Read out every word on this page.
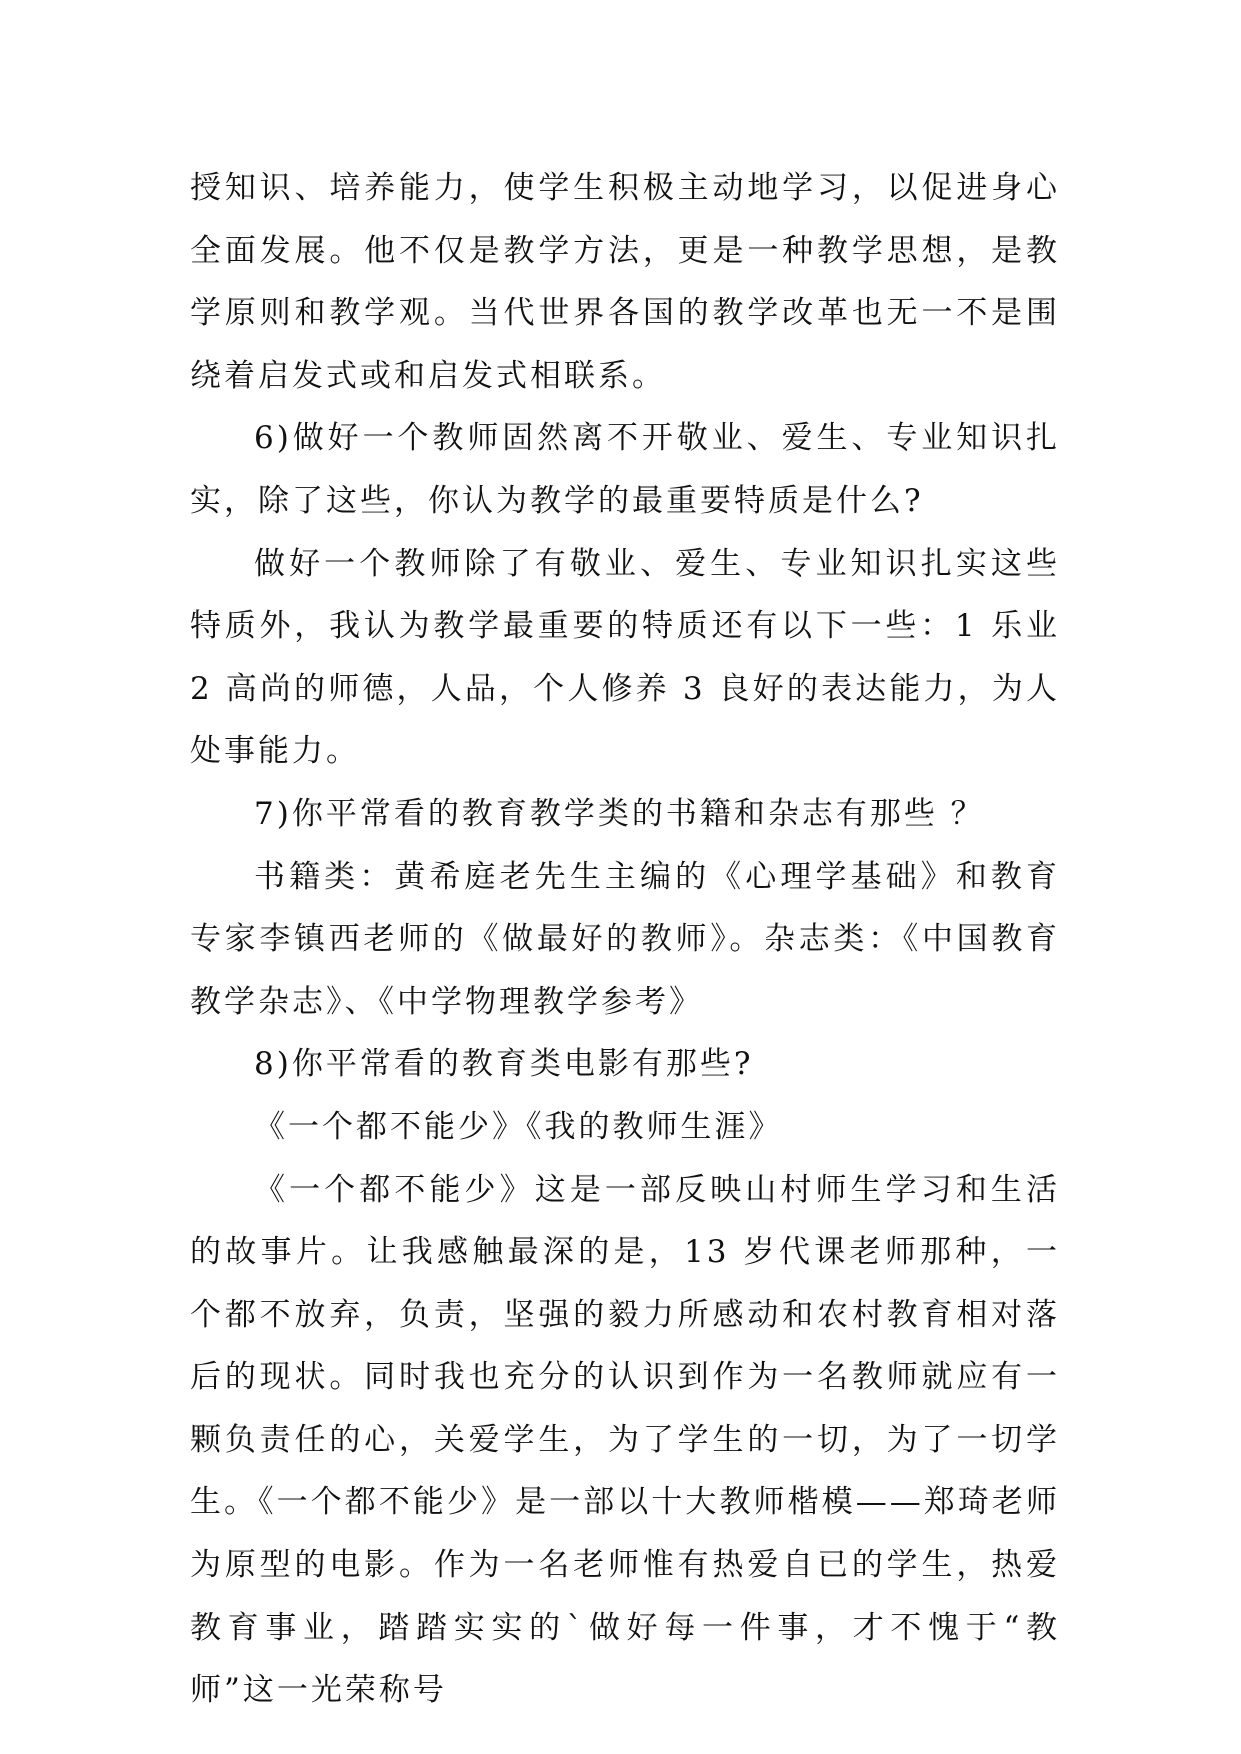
授知识、培养能力，使学生积极主动地学习，以促进身心全面发展。他不仅是教学方法，更是一种教学思想，是教学原则和教学观。当代世界各国的教学改革也无一不是围绕着启发式或和启发式相联系。

6)做好一个教师固然离不开敬业、爱生、专业知识扎实，除了这些，你认为教学的最重要特质是什么?

做好一个教师除了有敬业、爱生、专业知识扎实这些特质外，我认为教学最重要的特质还有以下一些：1 乐业 2 高尚的师德，人品，个人修养 3 良好的表达能力，为人处事能力。

7)你平常看的教育教学类的书籍和杂志有那些 ？

书籍类：黄希庭老先生主编的《心理学基础》和教育专家李镇西老师的《做最好的教师》。杂志类：《中国教育教学杂志》、《中学物理教学参考》

8)你平常看的教育类电影有那些?

《一个都不能少》《我的教师生涯》

《一个都不能少》这是一部反映山村师生学习和生活的故事片。让我感触最深的是，13 岁代课老师那种，一个都不放弃，负责，坚强的毅力所感动和农村教育相对落后的现状。同时我也充分的认识到作为一名教师就应有一颗负责任的心，关爱学生，为了学生的一切，为了一切学生。《一个都不能少》是一部以十大教师楷模——郑琦老师为原型的电影。作为一名老师惟有热爱自已的学生，热爱教育事业，踏踏实实的`做好每一件事，才不愧于“教师”这一光荣称号
